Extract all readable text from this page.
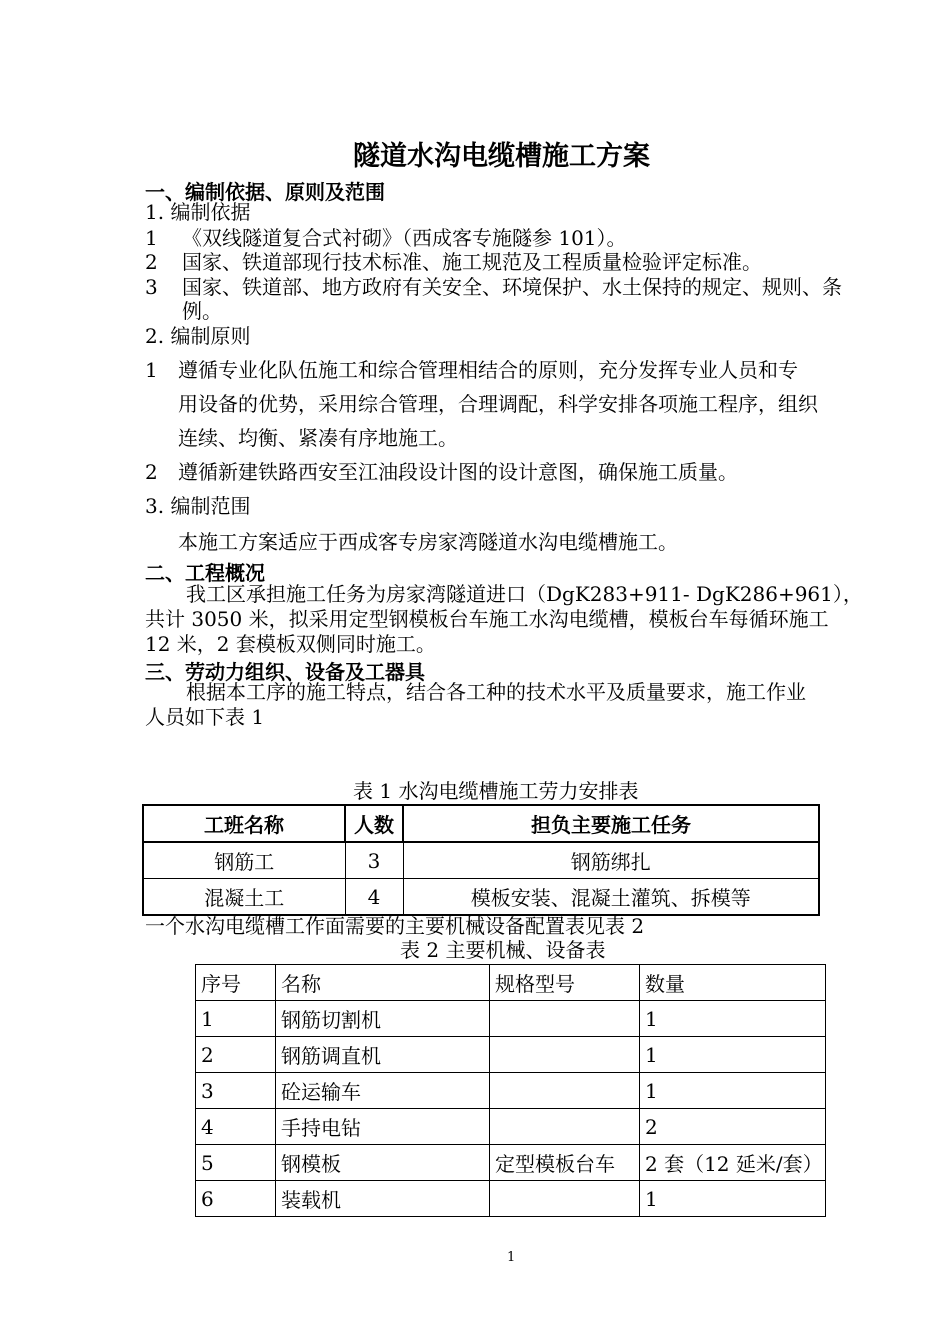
隧道水沟电缆槽施工方案
一、编制依据、原则及范围
1. 编制依据
1 《双线隧道复合式衬砌》（西成客专施隧参 101）。
2 国家、铁道部现行技术标准、施工规范及工程质量检验评定标准。
3 国家、铁道部、地方政府有关安全、环境保护、水土保持的规定、规则、条
例。
2. 编制原则
1 遵循专业化队伍施工和综合管理相结合的原则，充分发挥专业人员和专
用设备的优势，采用综合管理，合理调配，科学安排各项施工程序，组织
连续、均衡、紧凑有序地施工。
2 遵循新建铁路西安至江油段设计图的设计意图，确保施工质量。
3. 编制范围
本施工方案适应于西成客专房家湾隧道水沟电缆槽施工。
二、工程概况
我工区承担施工任务为房家湾隧道进口（DgK283+911- DgK286+961），
共计 3050 米，拟采用定型钢模板台车施工水沟电缆槽，模板台车每循环施工
12 米，2 套模板双侧同时施工。
三、劳动力组织、设备及工器具
根据本工序的施工特点，结合各工种的技术水平及质量要求，施工作业
人员如下表 1
表 1 水沟电缆槽施工劳力安排表
工班名称	人数	担负主要施工任务
钢筋工	3	钢筋绑扎
混凝土工	4	模板安装、混凝土灌筑、拆模等
一个水沟电缆槽工作面需要的主要机械设备配置表见表 2
表 2 主要机械、设备表
序号	名称	规格型号	数量
1	钢筋切割机		1
2	钢筋调直机		1
3	砼运输车		1
4	手持电钻		2
5	钢模板	定型模板台车	2 套（12 延米/套）
6	装载机		1
1
